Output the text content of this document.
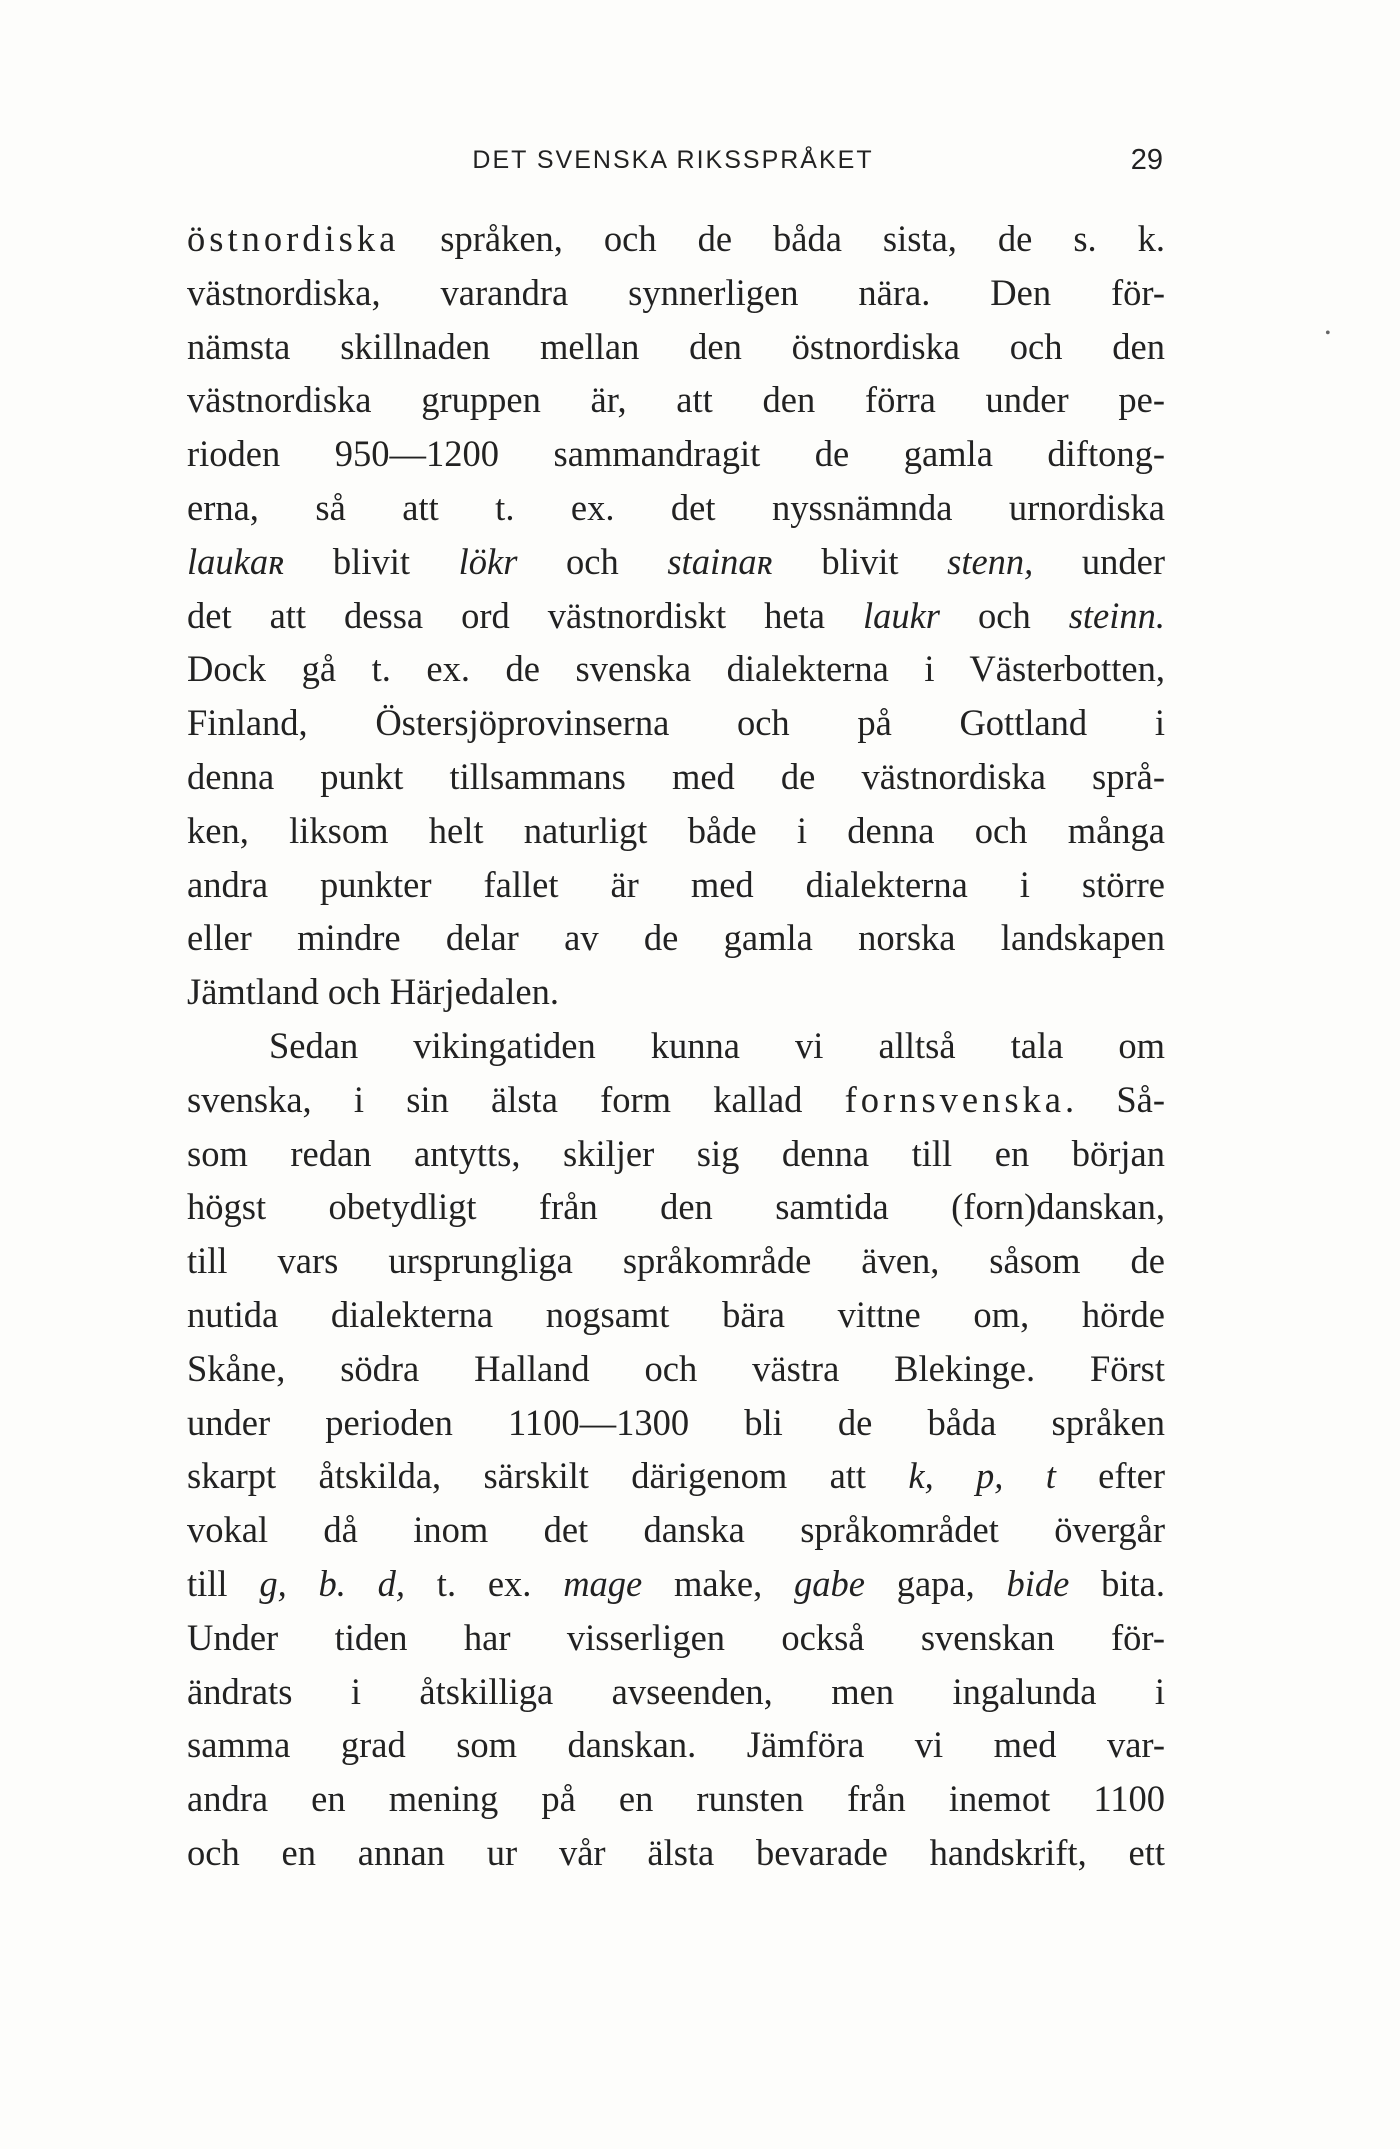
DET SVENSKA RIKSSPRÅKET	29
•
östnordiska språken, och de båda sista, de s. k.
västnordiska, varandra synnerligen nära. Den för-
nämsta skillnaden mellan den östnordiska och den
västnordiska gruppen är, att den förra under pe-
rioden 950—1200 sammandragit de gamla diftong-
erna, så att t. ex. det nyssnämnda urnordiska
laukaʀ blivit lökr och stainaʀ blivit stenn, under
det att dessa ord västnordiskt heta laukr och steinn.
Dock gå t. ex. de svenska dialekterna i Västerbotten,
Finland, Östersjöprovinserna och på Gottland i
denna punkt tillsammans med de västnordiska språ-
ken, liksom helt naturligt både i denna och många
andra punkter fallet är med dialekterna i större
eller mindre delar av de gamla norska landskapen
Jämtland och Härjedalen.
Sedan vikingatiden kunna vi alltså tala om
svenska, i sin älsta form kallad fornsvenska. Så-
som redan antytts, skiljer sig denna till en början
högst obetydligt från den samtida (forn)danskan,
till vars ursprungliga språkområde även, såsom de
nutida dialekterna nogsamt bära vittne om, hörde
Skåne, södra Halland och västra Blekinge. Först
under perioden 1100—1300 bli de båda språken
skarpt åtskilda, särskilt därigenom att k, p, t efter
vokal då inom det danska språkområdet övergår
till g, b. d, t. ex. mage make, gabe gapa, bide bita.
Under tiden har visserligen också svenskan för-
ändrats i åtskilliga avseenden, men ingalunda i
samma grad som danskan. Jämföra vi med var-
andra en mening på en runsten från inemot 1100
och en annan ur vår älsta bevarade handskrift, ett
